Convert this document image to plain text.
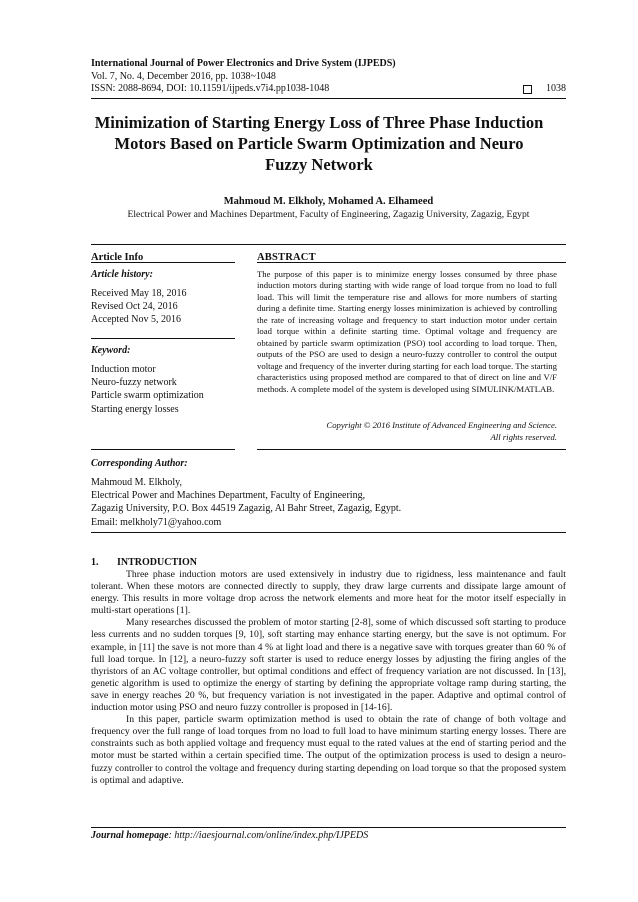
International Journal of Power Electronics and Drive System (IJPEDS)
Vol. 7, No. 4, December 2016, pp. 1038~1048
ISSN: 2088-8694, DOI: 10.11591/ijpeds.v7i4.pp1038-1048	1038
Minimization of Starting Energy Loss of Three Phase Induction
Motors Based on Particle Swarm Optimization and Neuro
Fuzzy Network
Mahmoud M. Elkholy, Mohamed A. Elhameed
Electrical Power and Machines Department, Faculty of Engineering, Zagazig University, Zagazig, Egypt
Article Info	ABSTRACT
Article history:
Received May 18, 2016
Revised Oct 24, 2016
Accepted Nov 5, 2016
Keyword:
Induction motor
Neuro-fuzzy network
Particle swarm optimization
Starting energy losses
The purpose of this paper is to minimize energy losses consumed by three phase induction motors during starting with wide range of load torque from no load to full load. This will limit the temperature rise and allows for more numbers of starting during a definite time. Starting energy losses minimization is achieved by controlling the rate of increasing voltage and frequency to start induction motor under certain load torque within a definite starting time. Optimal voltage and frequency are obtained by particle swarm optimization (PSO) tool according to load torque. Then, outputs of the PSO are used to design a neuro-fuzzy controller to control the output voltage and frequency of the inverter during starting for each load torque. The starting characteristics using proposed method are compared to that of direct on line and V/F methods. A complete model of the system is developed using SIMULINK/MATLAB.
Copyright © 2016 Institute of Advanced Engineering and Science.
All rights reserved.
Corresponding Author:
Mahmoud M. Elkholy,
Electrical Power and Machines Department, Faculty of Engineering,
Zagazig University, P.O. Box 44519 Zagazig, Al Bahr Street, Zagazig, Egypt.
Email: melkholy71@yahoo.com
1. INTRODUCTION

Three phase induction motors are used extensively in industry due to rigidness, less maintenance and fault tolerant. When these motors are connected directly to supply, they draw large currents and dissipate large amount of energy. This results in more voltage drop across the network elements and more heat for the motor itself especially in multi-start operations [1].

Many researches discussed the problem of motor starting [2-8], some of which discussed soft starting to produce less currents and no sudden torques [9, 10], soft starting may enhance starting energy, but the save is not optimum. For example, in [11] the save is not more than 4 % at light load and there is a negative save with torques greater than 60 % of full load torque. In [12], a neuro-fuzzy soft starter is used to reduce energy losses by adjusting the firing angles of the thyristors of an AC voltage controller, but optimal conditions and effect of frequency variation are not discussed. In [13], genetic algorithm is used to optimize the energy of starting by defining the appropriate voltage ramp during starting, the save in energy reaches 20 %, but frequency variation is not investigated in the paper. Adaptive and optimal control of induction motor using PSO and neuro fuzzy controller is proposed in [14-16].

In this paper, particle swarm optimization method is used to obtain the rate of change of both voltage and frequency over the full range of load torques from no load to full load to have minimum starting energy losses. There are constraints such as both applied voltage and frequency must equal to the rated values at the end of starting period and the motor must be started within a certain specified time. The output of the optimization process is used to design a neuro-fuzzy controller to control the voltage and frequency during starting depending on load torque so that the proposed system is optimal and adaptive.

Journal homepage: http://iaesjournal.com/online/index.php/IJPEDS
